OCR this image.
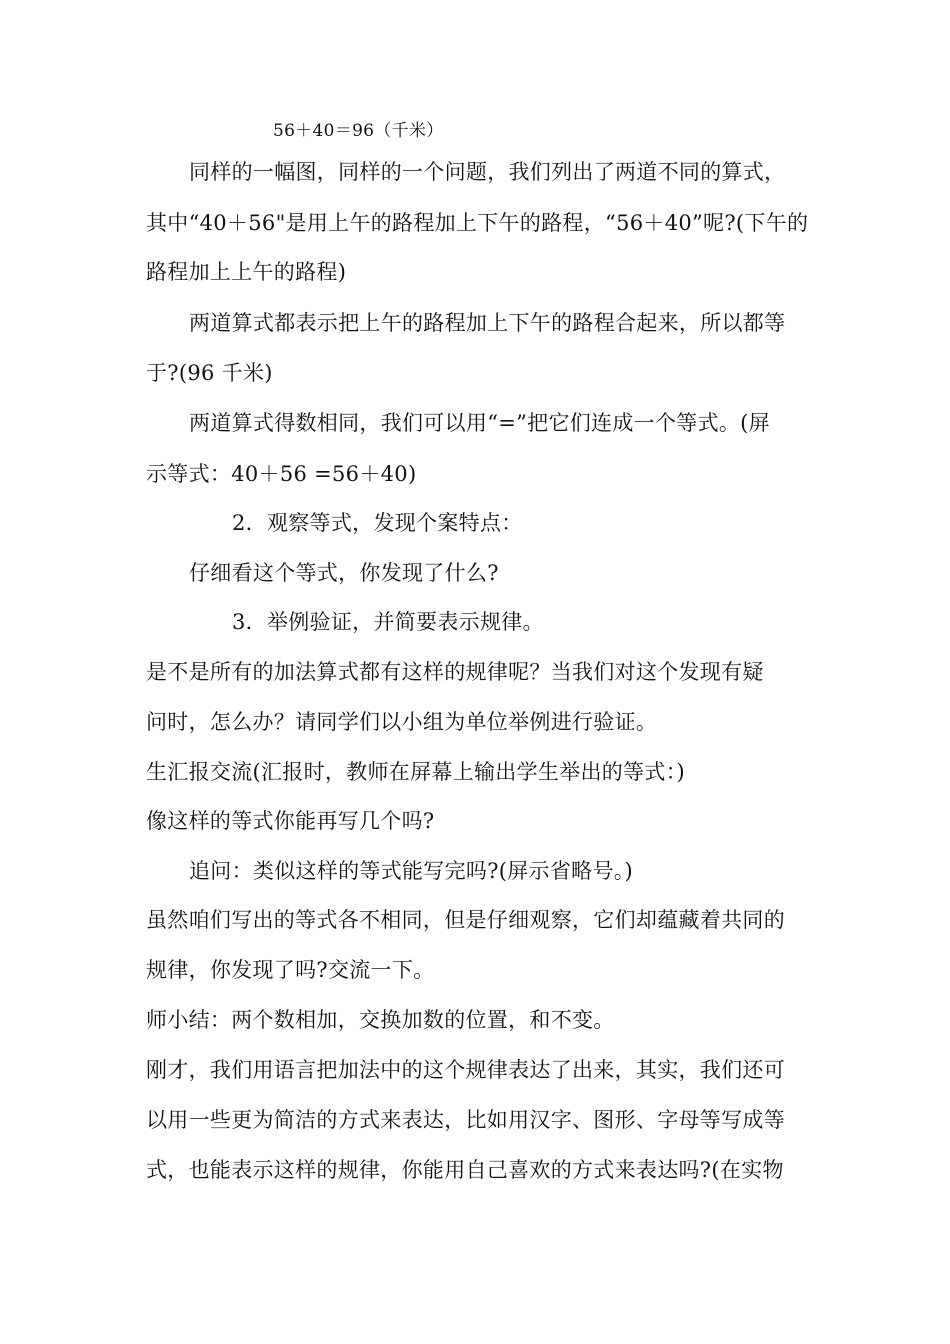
56＋40＝96（千米）
同样的一幅图，同样的一个问题，我们列出了两道不同的算式，
其中“40＋56"是用上午的路程加上下午的路程，“56＋40”呢?(下午的
路程加上上午的路程)
两道算式都表示把上午的路程加上下午的路程合起来，所以都等
于?(96 千米)
两道算式得数相同，我们可以用“=”把它们连成一个等式。(屏
示等式：40＋56 =56＋40)
2．观察等式，发现个案特点：
仔细看这个等式，你发现了什么?
3．举例验证，并简要表示规律。
是不是所有的加法算式都有这样的规律呢？当我们对这个发现有疑
问时，怎么办？请同学们以小组为单位举例进行验证。
生汇报交流(汇报时，教师在屏幕上输出学生举出的等式：)
像这样的等式你能再写几个吗?
追问：类似这样的等式能写完吗?(屏示省略号。)
虽然咱们写出的等式各不相同，但是仔细观察，它们却蕴藏着共同的
规律，你发现了吗?交流一下。
师小结：两个数相加，交换加数的位置，和不变。
刚才，我们用语言把加法中的这个规律表达了出来，其实，我们还可
以用一些更为简洁的方式来表达，比如用汉字、图形、字母等写成等
式，也能表示这样的规律，你能用自己喜欢的方式来表达吗?(在实物
